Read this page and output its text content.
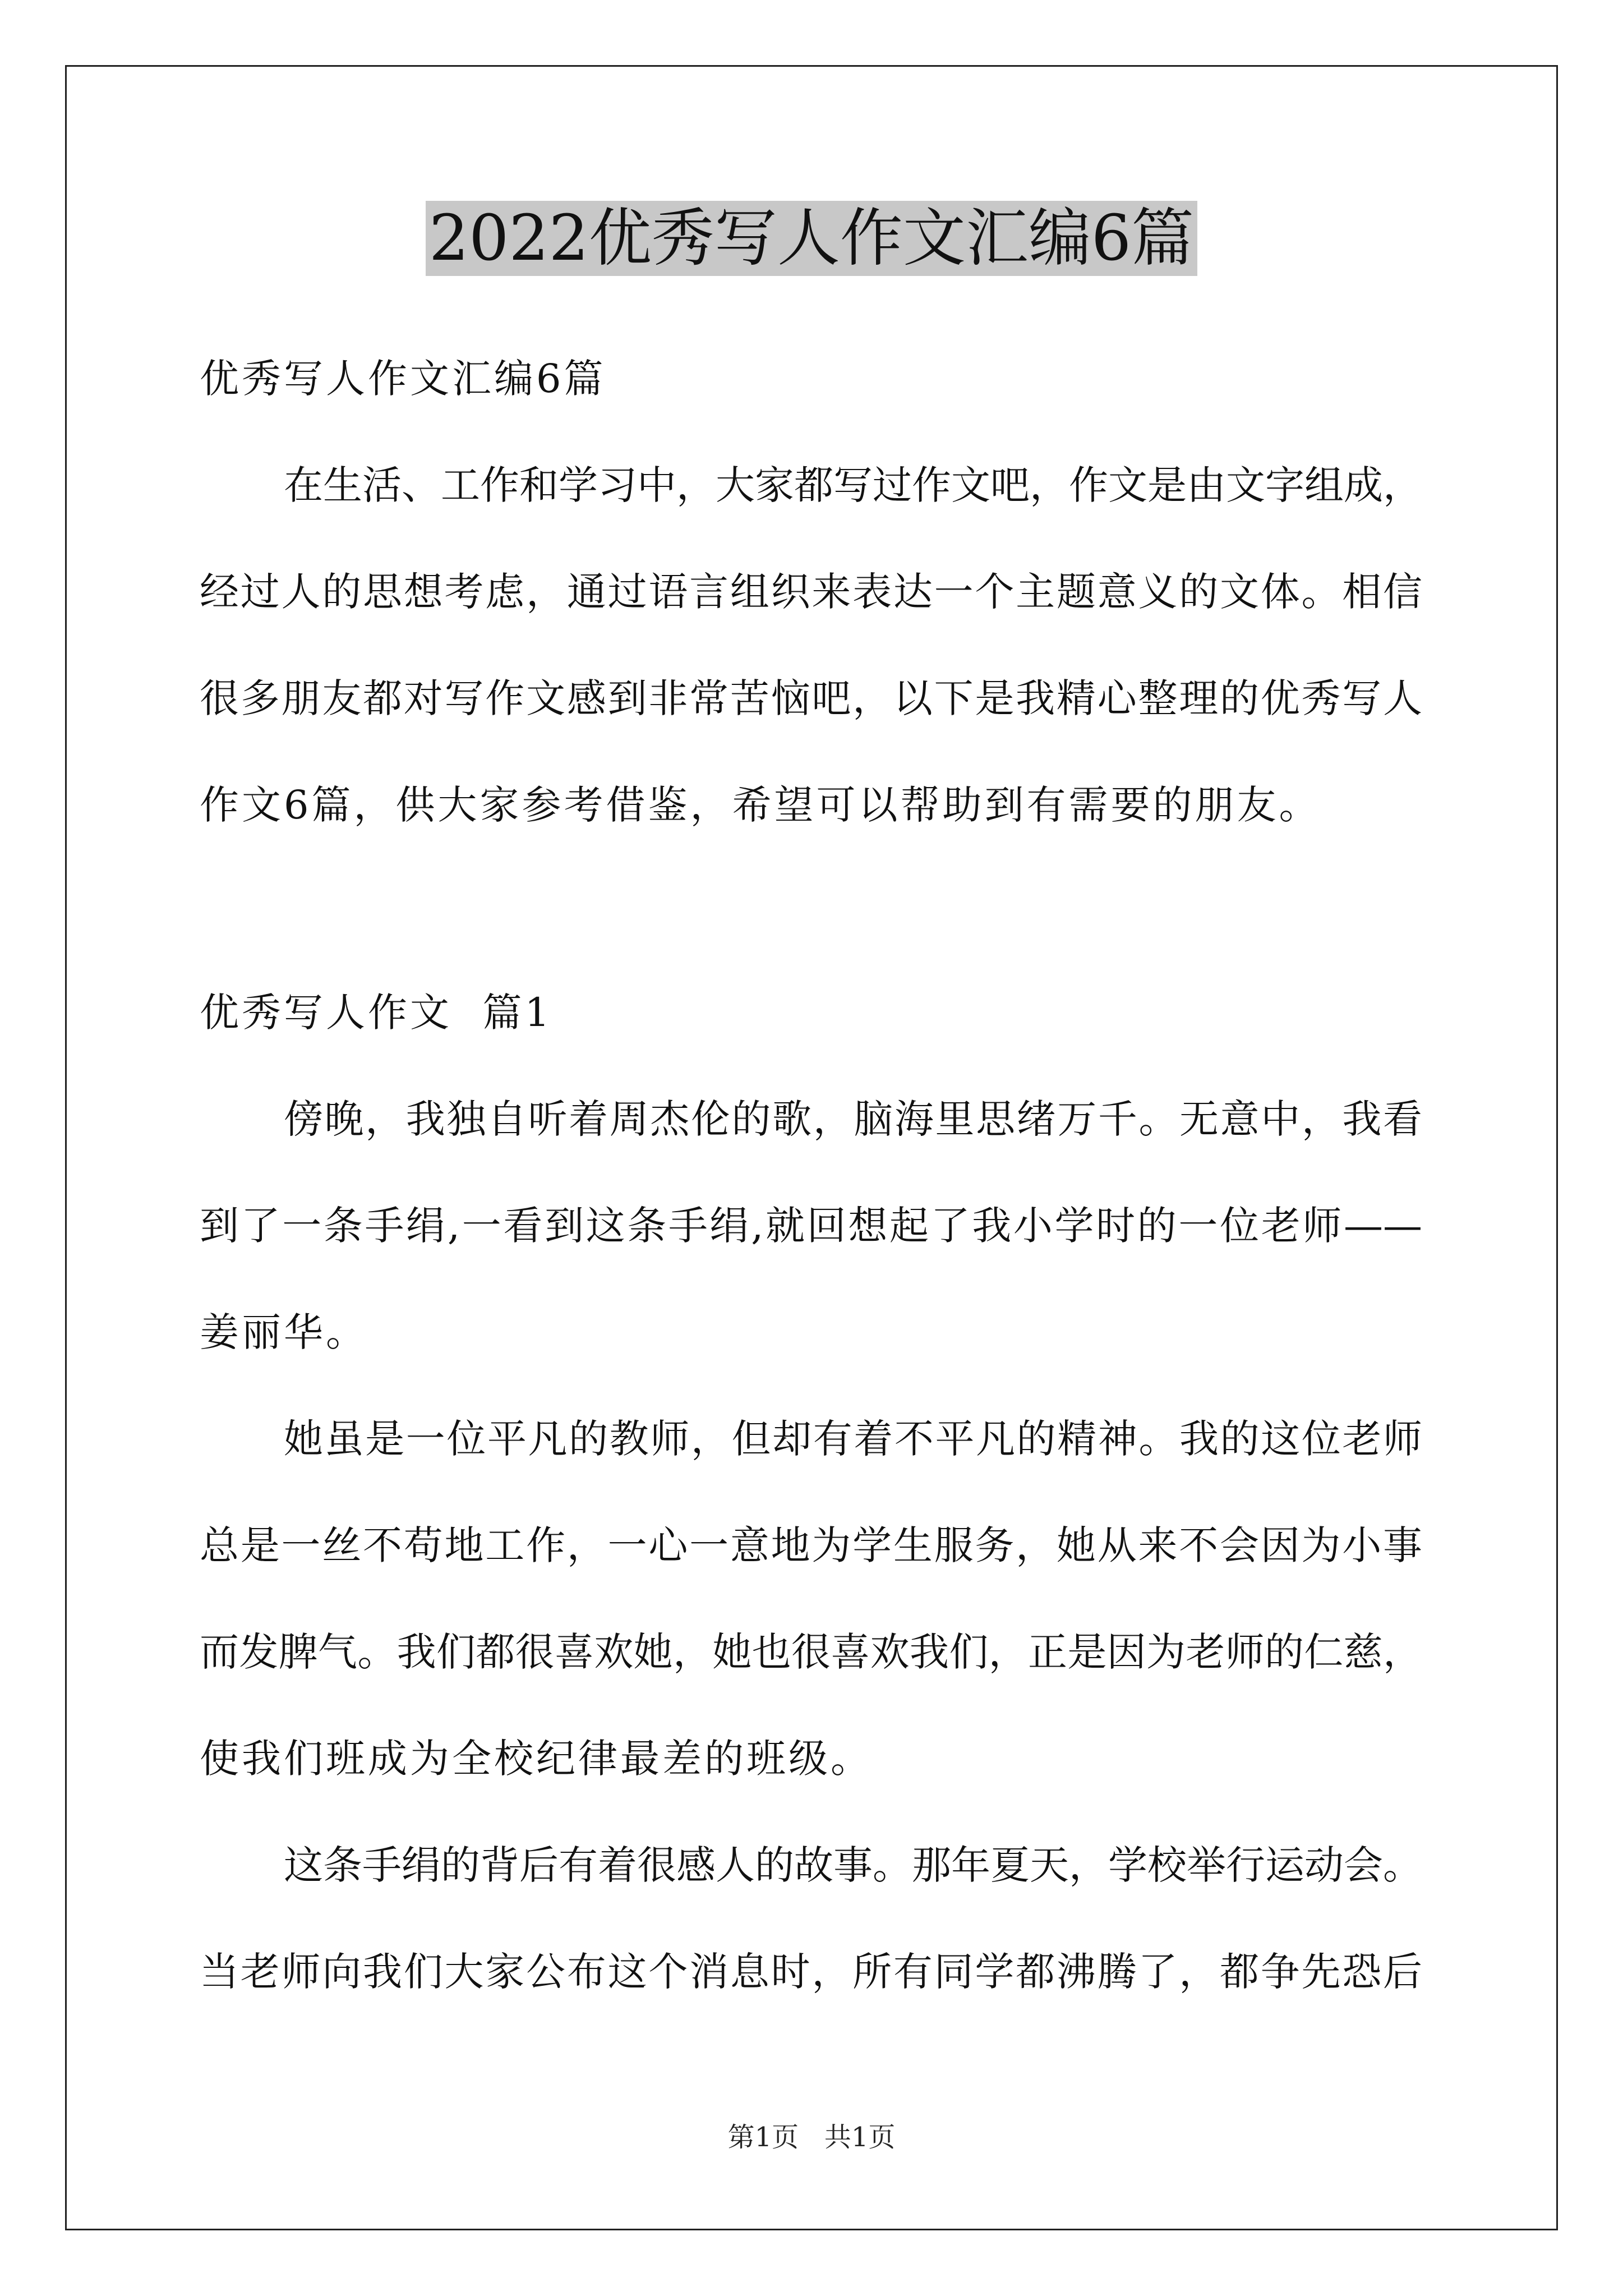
2022优秀写人作文汇编6篇
优秀写人作文汇编6篇
在生活、工作和学习中，大家都写过作文吧，作文是由文字组成，
经过人的思想考虑，通过语言组织来表达一个主题意义的文体。相信
很多朋友都对写作文感到非常苦恼吧，以下是我精心整理的优秀写人
作文6篇，供大家参考借鉴，希望可以帮助到有需要的朋友。
优秀写人作文  篇1
傍晚，我独自听着周杰伦的歌，脑海里思绪万千。无意中，我看
到了一条手绢,一看到这条手绢,就回想起了我小学时的一位老师——
姜丽华。
她虽是一位平凡的教师，但却有着不平凡的精神。我的这位老师
总是一丝不苟地工作，一心一意地为学生服务，她从来不会因为小事
而发脾气。我们都很喜欢她，她也很喜欢我们，正是因为老师的仁慈，
使我们班成为全校纪律最差的班级。
这条手绢的背后有着很感人的故事。那年夏天，学校举行运动会。
当老师向我们大家公布这个消息时，所有同学都沸腾了，都争先恐后
第1页   共1页
